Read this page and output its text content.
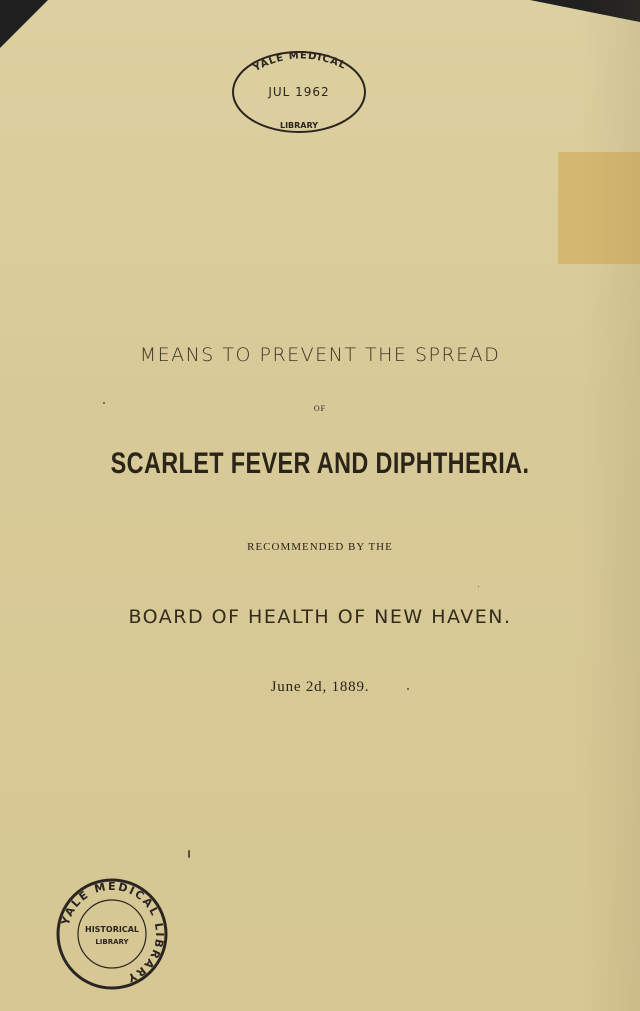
YALE MEDICAL
JUL 1962
LIBRARY
MEANS TO PREVENT THE SPREAD
OF
SCARLET FEVER AND DIPHTHERIA.
RECOMMENDED BY THE
BOARD OF HEALTH OF NEW HAVEN.
June 2d, 1889.
YALE MEDICAL LIBRARY
HISTORICAL
LIBRARY
